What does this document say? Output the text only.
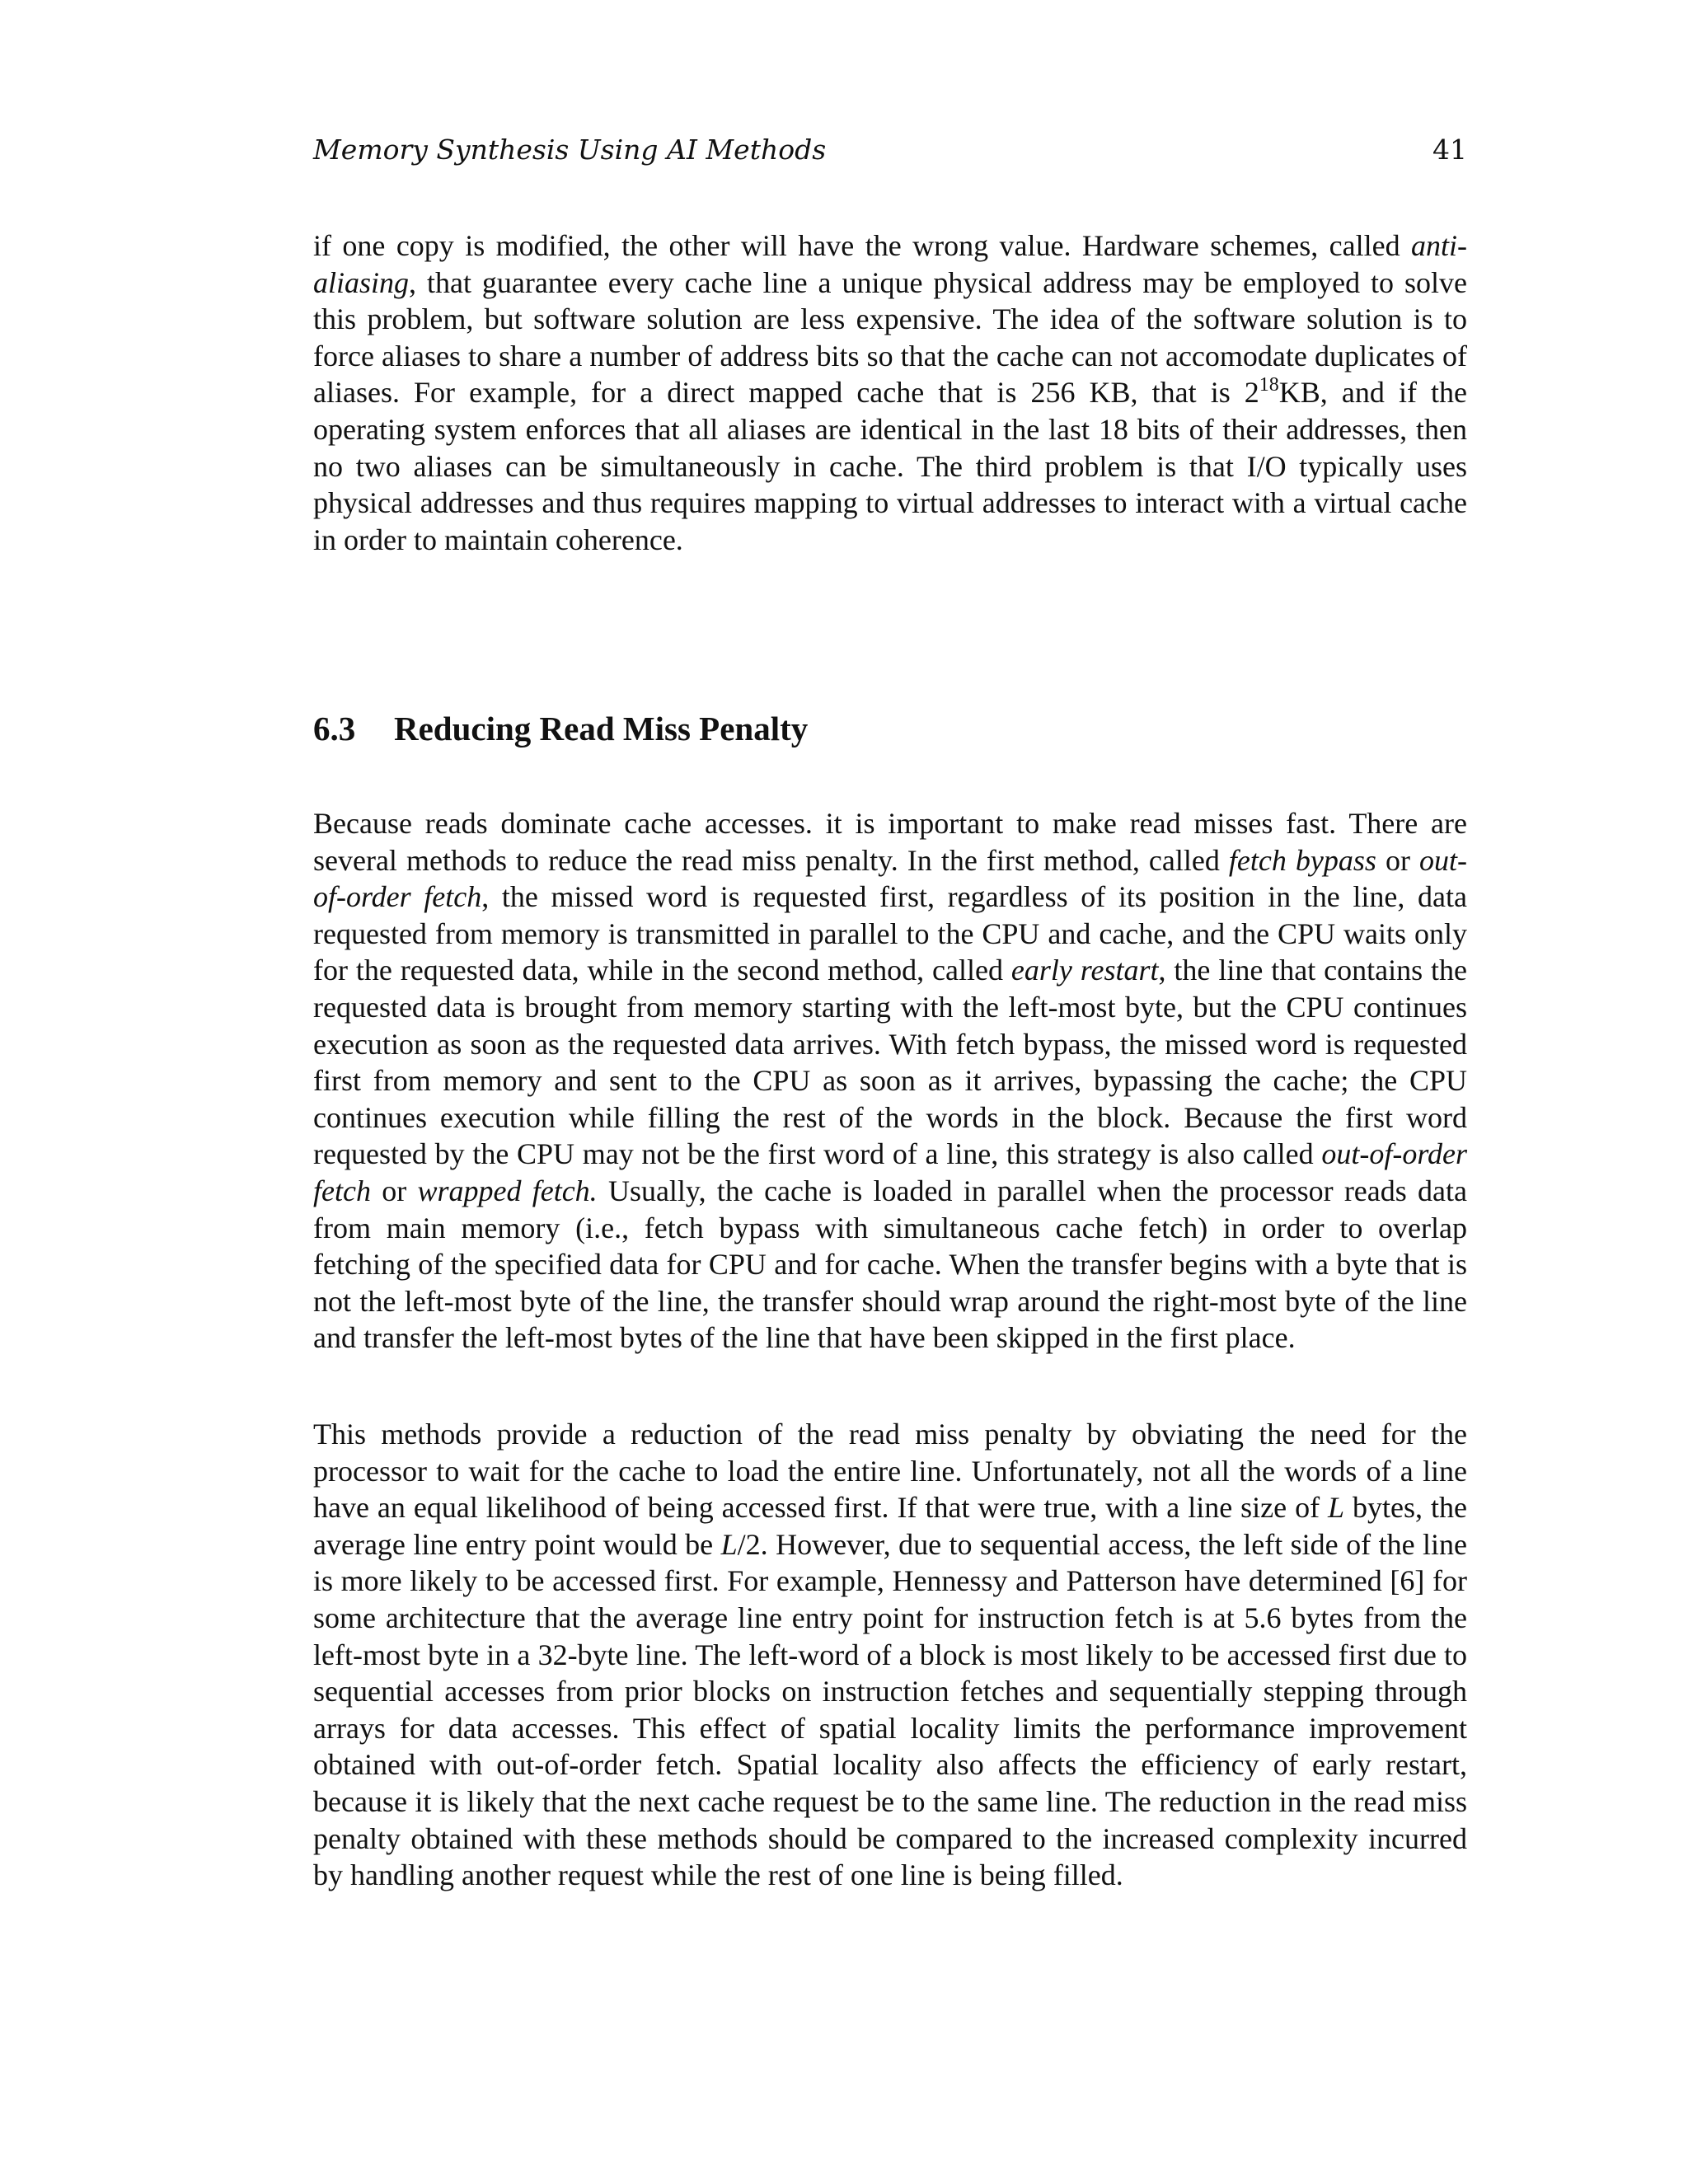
Memory Synthesis Using AI Methods	41

if one copy is modified, the other will have the wrong value. Hardware schemes, called anti-aliasing, that guarantee every cache line a unique physical address may be employed to solve this problem, but software solution are less expensive. The idea of the software solution is to force aliases to share a number of address bits so that the cache can not accomodate duplicates of aliases. For example, for a direct mapped cache that is 256 KB, that is $2^{18}KB$, and if the operating system enforces that all aliases are identical in the last 18 bits of their addresses, then no two aliases can be simultaneously in cache. The third problem is that I/O typically uses physical addresses and thus requires mapping to virtual addresses to interact with a virtual cache in order to maintain coherence.

6.3 Reducing Read Miss Penalty

Because reads dominate cache accesses. it is important to make read misses fast. There are several methods to reduce the read miss penalty. In the first method, called fetch bypass or out-of-order fetch, the missed word is requested first, regardless of its position in the line, data requested from memory is transmitted in parallel to the CPU and cache, and the CPU waits only for the requested data, while in the second method, called early restart, the line that contains the requested data is brought from memory starting with the left-most byte, but the CPU continues execution as soon as the requested data arrives. With fetch bypass, the missed word is requested first from memory and sent to the CPU as soon as it arrives, bypassing the cache; the CPU continues execution while filling the rest of the words in the block. Because the first word requested by the CPU may not be the first word of a line, this strategy is also called out-of-order fetch or wrapped fetch. Usually, the cache is loaded in parallel when the processor reads data from main memory (i.e., fetch bypass with simultaneous cache fetch) in order to overlap fetching of the specified data for CPU and for cache. When the transfer begins with a byte that is not the left-most byte of the line, the transfer should wrap around the right-most byte of the line and transfer the left-most bytes of the line that have been skipped in the first place.

This methods provide a reduction of the read miss penalty by obviating the need for the processor to wait for the cache to load the entire line. Unfortunately, not all the words of a line have an equal likelihood of being accessed first. If that were true, with a line size of L bytes, the average line entry point would be L/2. However, due to sequential access, the left side of the line is more likely to be accessed first. For example, Hennessy and Patterson have determined [6] for some architecture that the average line entry point for instruction fetch is at 5.6 bytes from the left-most byte in a 32-byte line. The left-word of a block is most likely to be accessed first due to sequential accesses from prior blocks on instruction fetches and sequentially stepping through arrays for data accesses. This effect of spatial locality limits the performance improvement obtained with out-of-order fetch. Spatial locality also affects the efficiency of early restart, because it is likely that the next cache request be to the same line. The reduction in the read miss penalty obtained with these methods should be compared to the increased complexity incurred by handling another request while the rest of one line is being filled.
